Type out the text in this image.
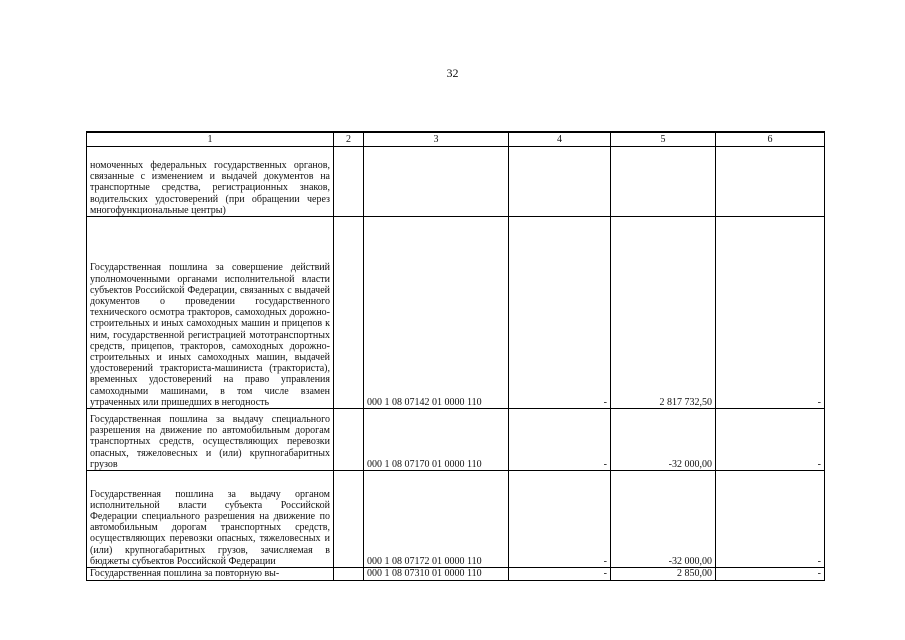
32
1	2	3	4	5	6
номоченных федеральных государственных органов, связанные с изменением и выдачей документов на транспортные средства, регистрационных знаков, водительских удостоверений (при обращении через многофункциональные центры)					
Государственная пошлина за совершение действий уполномоченными органами исполнительной власти субъектов Российской Федерации, связанных с выдачей документов о проведении государственного технического осмотра тракторов, самоходных дорожно-строительных и иных самоходных машин и прицепов к ним, государственной регистрацией мототранспортных средств, прицепов, тракторов, самоходных дорожно-строительных и иных самоходных машин, выдачей удостоверений тракториста-машиниста (тракториста), временных удостоверений на право управления самоходными машинами, в том числе взамен утраченных или пришедших в негодность		000 1 08 07142 01 0000 110	-	2 817 732,50	-
Государственная пошлина за выдачу специального разрешения на движение по автомобильным дорогам транспортных средств, осуществляющих перевозки опасных, тяжеловесных и (или) крупногабаритных грузов		000 1 08 07170 01 0000 110	-	-32 000,00	-
Государственная пошлина за выдачу органом исполнительной власти субъекта Российской Федерации специального разрешения на движение по автомобильным дорогам транспортных средств, осуществляющих перевозки опасных, тяжеловесных и (или) крупногабаритных грузов, зачисляемая в бюджеты субъектов Российской Федерации		000 1 08 07172 01 0000 110	-	-32 000,00	-
Государственная пошлина за повторную вы-		000 1 08 07310 01 0000 110	-	2 850,00	-
